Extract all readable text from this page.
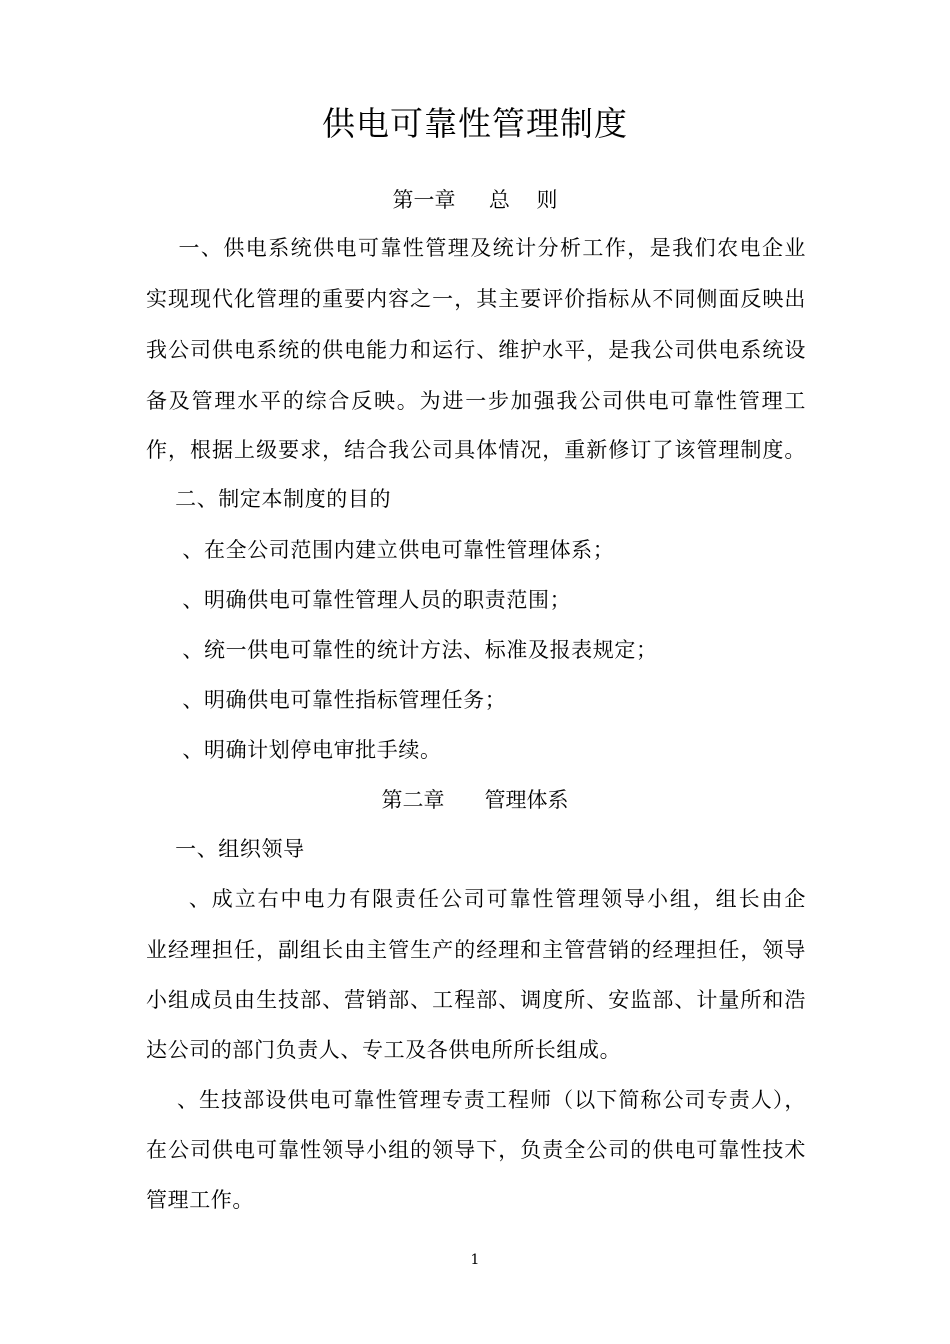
供电可靠性管理制度
第一章     总    则
一、供电系统供电可靠性管理及统计分析工作，是我们农电企业
实现现代化管理的重要内容之一，其主要评价指标从不同侧面反映出
我公司供电系统的供电能力和运行、维护水平，是我公司供电系统设
备及管理水平的综合反映。为进一步加强我公司供电可靠性管理工
作，根据上级要求，结合我公司具体情况，重新修订了该管理制度。
二、制定本制度的目的
、在全公司范围内建立供电可靠性管理体系；
、明确供电可靠性管理人员的职责范围；
、统一供电可靠性的统计方法、标准及报表规定；
、明确供电可靠性指标管理任务；
、明确计划停电审批手续。
第二章      管理体系
一、组织领导
、成立右中电力有限责任公司可靠性管理领导小组，组长由企
业经理担任，副组长由主管生产的经理和主管营销的经理担任，领导
小组成员由生技部、营销部、工程部、调度所、安监部、计量所和浩
达公司的部门负责人、专工及各供电所所长组成。
、生技部设供电可靠性管理专责工程师（以下简称公司专责人），
在公司供电可靠性领导小组的领导下，负责全公司的供电可靠性技术
管理工作。
1
